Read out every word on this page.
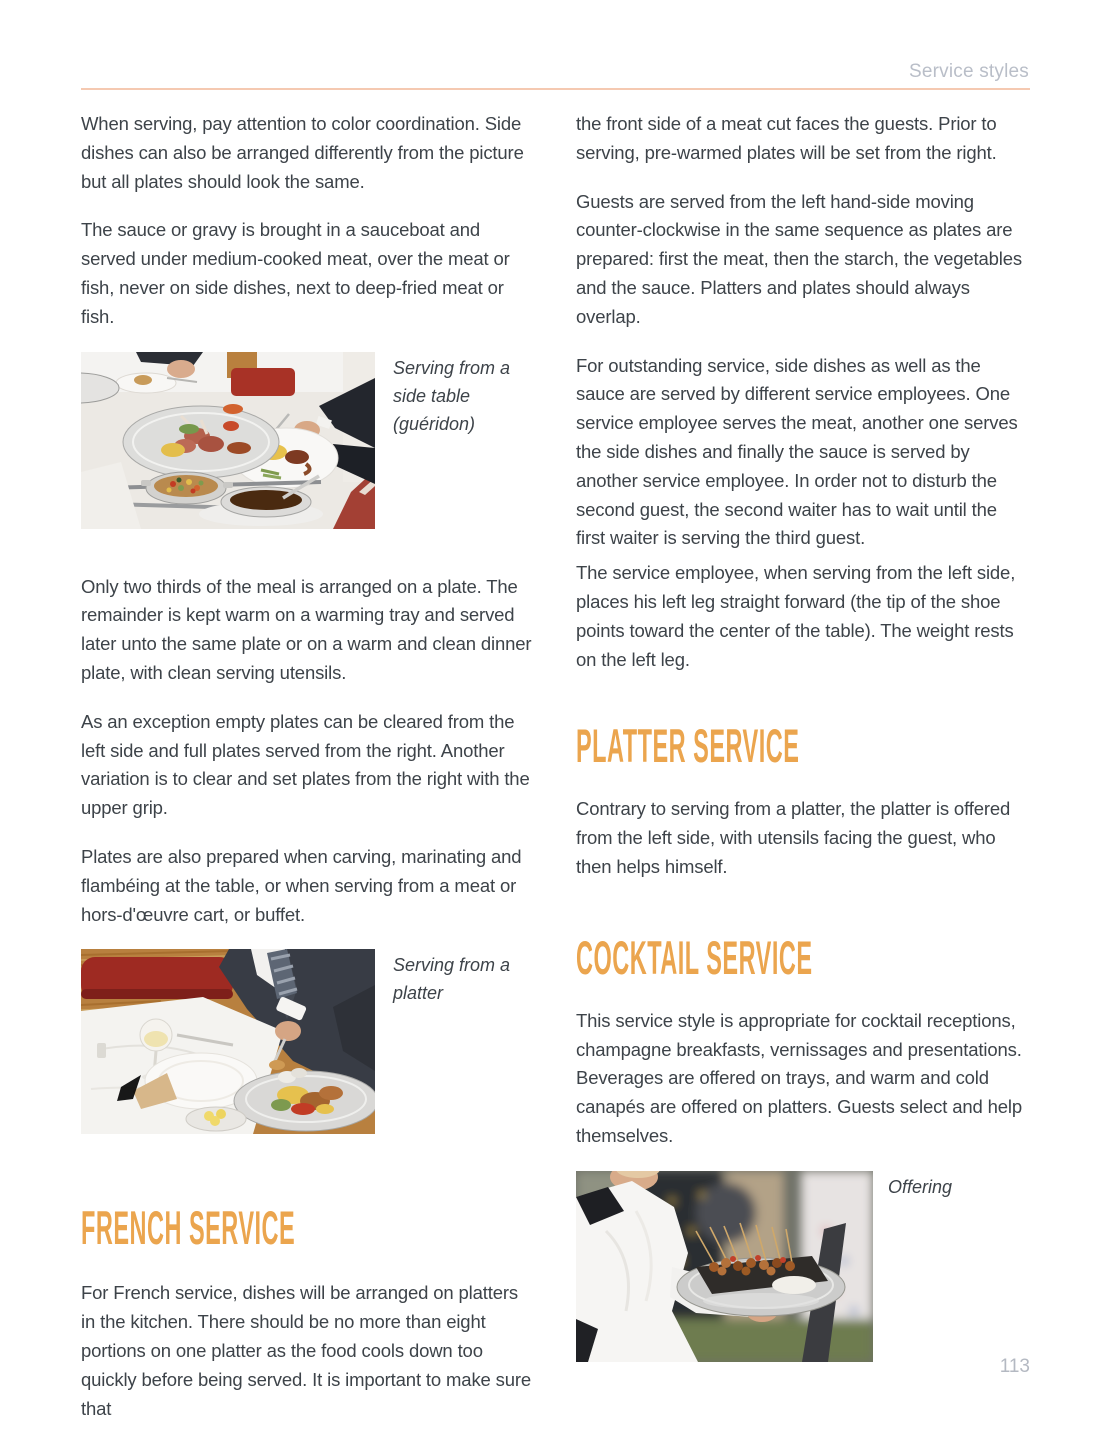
Service styles

When serving, pay attention to color coordination. Side dishes can also be arranged differently from the picture but all plates should look the same.

The sauce or gravy is brought in a sauceboat and served under medium-cooked meat, over the meat or fish, never on side dishes, next to deep-fried meat or fish.

Serving from a side table (guéridon)

Only two thirds of the meal is arranged on a plate. The remainder is kept warm on a warming tray and served later unto the same plate or on a warm and clean dinner plate, with clean serving utensils.

As an exception empty plates can be cleared from the left side and full plates served from the right. Another variation is to clear and set plates from the right with the upper grip.

Plates are also prepared when carving, marinating and flambéing at the table, or when serving from a meat or hors-d'œuvre cart, or buffet.

Serving from a platter
FRENCH SERVICE

For French service, dishes will be arranged on platters in the kitchen. There should be no more than eight portions on one platter as the food cools down too quickly before being served. It is important to make sure that

the front side of a meat cut faces the guests. Prior to serving, pre-warmed plates will be set from the right.

Guests are served from the left hand-side moving counter-clockwise in the same sequence as plates are prepared: first the meat, then the starch, the vegetables and the sauce. Platters and plates should always overlap.

For outstanding service, side dishes as well as the sauce are served by different service employees. One service employee serves the meat, another one serves the side dishes and finally the sauce is served by another service employee. In order not to disturb the second guest, the second waiter has to wait until the first waiter is serving the third guest.

The service employee, when serving from the left side, places his left leg straight forward (the tip of the shoe points toward the center of the table). The weight rests on the left leg.

PLATTER SERVICE

Contrary to serving from a platter, the platter is offered from the left side, with utensils facing the guest, who then helps himself.

COCKTAIL SERVICE

This service style is appropriate for cocktail receptions, champagne breakfasts, vernissages and presentations. Beverages are offered on trays, and warm and cold canapés are offered on platters. Guests select and help themselves.

Offering
113
